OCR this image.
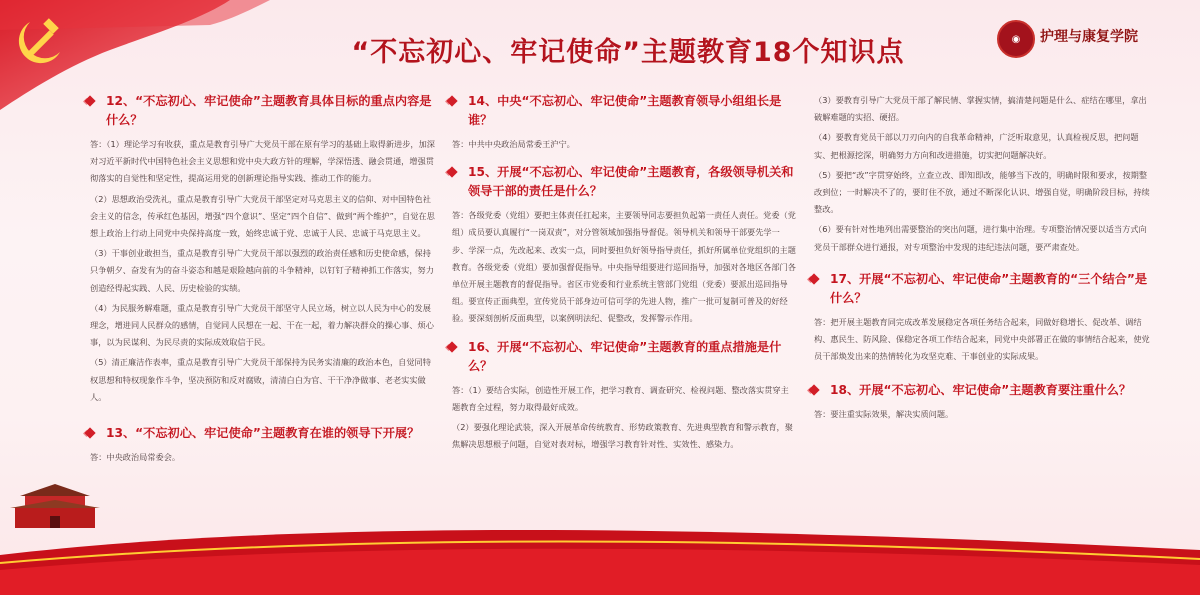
“不忘初心、牢记使命”主题教育18个知识点	◉	护理与康复学院
12、“不忘初心、牢记使命”主题教育具体目标的重点内容是什么？
答：（1）理论学习有收获，重点是教育引导广大党员干部在原有学习的基础上取得新进步，加深对习近平新时代中国特色社会主义思想和党中央大政方针的理解，学深悟透、融会贯通，增强贯彻落实的自觉性和坚定性，提高运用党的创新理论指导实践、推动工作的能力。
（2）思想政治受洗礼，重点是教育引导广大党员干部坚定对马克思主义的信仰、对中国特色社会主义的信念，传承红色基因，增强“四个意识”、坚定“四个自信”、做到“两个维护”，自觉在思想上政治上行动上同党中央保持高度一致，始终忠诚于党、忠诚于人民、忠诚于马克思主义。
（3）干事创业敢担当，重点是教育引导广大党员干部以强烈的政治责任感和历史使命感，保持只争朝夕、奋发有为的奋斗姿态和越是艰险越向前的斗争精神，以钉钉子精神抓工作落实，努力创造经得起实践、人民、历史检验的实绩。
（4）为民服务解难题，重点是教育引导广大党员干部坚守人民立场，树立以人民为中心的发展理念，增进同人民群众的感情，自觉同人民想在一起、干在一起，着力解决群众的操心事、烦心事，以为民谋利、为民尽责的实际成效取信于民。
（5）清正廉洁作表率，重点是教育引导广大党员干部保持为民务实清廉的政治本色，自觉同特权思想和特权现象作斗争，坚决预防和反对腐败，清清白白为官、干干净净做事、老老实实做人。
13、“不忘初心、牢记使命”主题教育在谁的领导下开展？
答：中央政治局常委会。
14、中央“不忘初心、牢记使命”主题教育领导小组组长是谁？
答：中共中央政治局常委王沪宁。
15、开展“不忘初心、牢记使命”主题教育，各级领导机关和领导干部的责任是什么？
答：各级党委（党组）要把主体责任扛起来，主要领导同志要担负起第一责任人责任。党委（党组）成员要认真履行“一岗双责”，对分管领域加强指导督促。领导机关和领导干部要先学一步、学深一点，先改起来、改实一点，同时要担负好领导指导责任，抓好所属单位党组织的主题教育。各级党委（党组）要加强督促指导。中央指导组要进行巡回指导，加强对各地区各部门各单位开展主题教育的督促指导。省区市党委和行业系统主管部门党组（党委）要派出巡回指导组。要宣传正面典型，宣传党员干部身边可信可学的先进人物，推广一批可复制可普及的好经验。要深刻剖析反面典型，以案例明法纪、促整改，发挥警示作用。
16、开展“不忘初心、牢记使命”主题教育的重点措施是什么？
答：（1）要结合实际，创造性开展工作，把学习教育、调查研究、检视问题、整改落实贯穿主题教育全过程，努力取得最好成效。
（2）要强化理论武装，深入开展革命传统教育、形势政策教育、先进典型教育和警示教育，聚焦解决思想根子问题，自觉对表对标，增强学习教育针对性、实效性、感染力。
（3）要教育引导广大党员干部了解民情、掌握实情，搞清楚问题是什么、症结在哪里，拿出破解难题的实招、硬招。
（4）要教育党员干部以刀刃向内的自我革命精神，广泛听取意见，认真检视反思，把问题实、把根源挖深，明确努力方向和改进措施，切实把问题解决好。
（5）要把“改”字贯穿始终，立查立改、即知即改，能够当下改的，明确时限和要求，按期整改到位；一时解决不了的，要盯住不放，通过不断深化认识、增强自觉，明确阶段目标，持续整改。
（6）要有针对性地列出需要整治的突出问题，进行集中治理。专项整治情况要以适当方式向党员干部群众进行通报，对专项整治中发现的违纪违法问题，要严肃查处。
17、开展“不忘初心、牢记使命”主题教育的“三个结合”是什么？
答：把开展主题教育同完成改革发展稳定各项任务结合起来，同做好稳增长、促改革、调结构、惠民生、防风险、保稳定各项工作结合起来，同党中央部署正在做的事情结合起来，使党员干部焕发出来的热情转化为攻坚克难、干事创业的实际成果。
18、开展“不忘初心、牢记使命”主题教育要注重什么？
答：要注重实际效果，解决实质问题。
